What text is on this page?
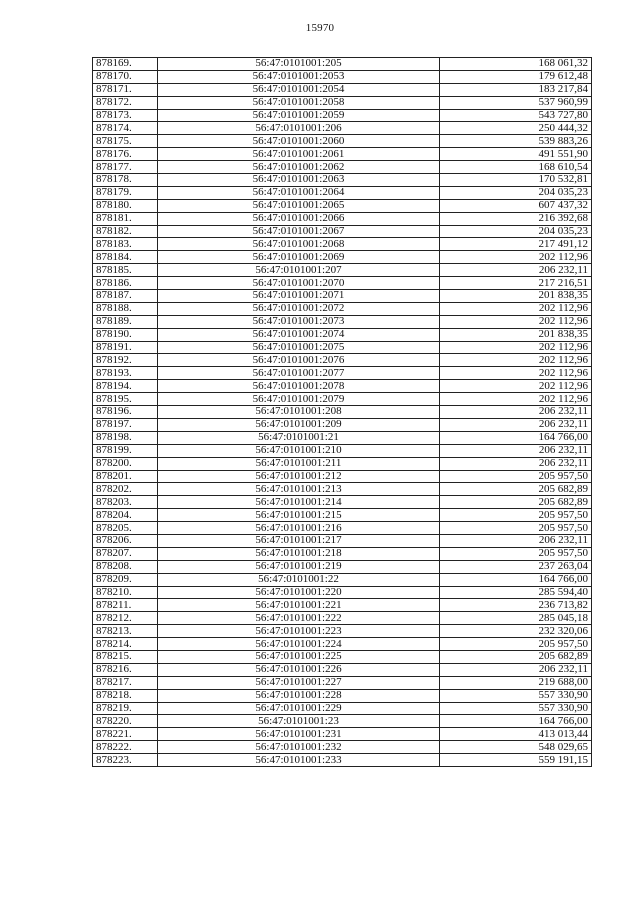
15970
878169.	56:47:0101001:205	168 061,32
878170.	56:47:0101001:2053	179 612,48
878171.	56:47:0101001:2054	183 217,84
878172.	56:47:0101001:2058	537 960,99
878173.	56:47:0101001:2059	543 727,80
878174.	56:47:0101001:206	250 444,32
878175.	56:47:0101001:2060	539 883,26
878176.	56:47:0101001:2061	491 551,90
878177.	56:47:0101001:2062	168 610,54
878178.	56:47:0101001:2063	170 532,81
878179.	56:47:0101001:2064	204 035,23
878180.	56:47:0101001:2065	607 437,32
878181.	56:47:0101001:2066	216 392,68
878182.	56:47:0101001:2067	204 035,23
878183.	56:47:0101001:2068	217 491,12
878184.	56:47:0101001:2069	202 112,96
878185.	56:47:0101001:207	206 232,11
878186.	56:47:0101001:2070	217 216,51
878187.	56:47:0101001:2071	201 838,35
878188.	56:47:0101001:2072	202 112,96
878189.	56:47:0101001:2073	202 112,96
878190.	56:47:0101001:2074	201 838,35
878191.	56:47:0101001:2075	202 112,96
878192.	56:47:0101001:2076	202 112,96
878193.	56:47:0101001:2077	202 112,96
878194.	56:47:0101001:2078	202 112,96
878195.	56:47:0101001:2079	202 112,96
878196.	56:47:0101001:208	206 232,11
878197.	56:47:0101001:209	206 232,11
878198.	56:47:0101001:21	164 766,00
878199.	56:47:0101001:210	206 232,11
878200.	56:47:0101001:211	206 232,11
878201.	56:47:0101001:212	205 957,50
878202.	56:47:0101001:213	205 682,89
878203.	56:47:0101001:214	205 682,89
878204.	56:47:0101001:215	205 957,50
878205.	56:47:0101001:216	205 957,50
878206.	56:47:0101001:217	206 232,11
878207.	56:47:0101001:218	205 957,50
878208.	56:47:0101001:219	237 263,04
878209.	56:47:0101001:22	164 766,00
878210.	56:47:0101001:220	285 594,40
878211.	56:47:0101001:221	236 713,82
878212.	56:47:0101001:222	285 045,18
878213.	56:47:0101001:223	232 320,06
878214.	56:47:0101001:224	205 957,50
878215.	56:47:0101001:225	205 682,89
878216.	56:47:0101001:226	206 232,11
878217.	56:47:0101001:227	219 688,00
878218.	56:47:0101001:228	557 330,90
878219.	56:47:0101001:229	557 330,90
878220.	56:47:0101001:23	164 766,00
878221.	56:47:0101001:231	413 013,44
878222.	56:47:0101001:232	548 029,65
878223.	56:47:0101001:233	559 191,15
